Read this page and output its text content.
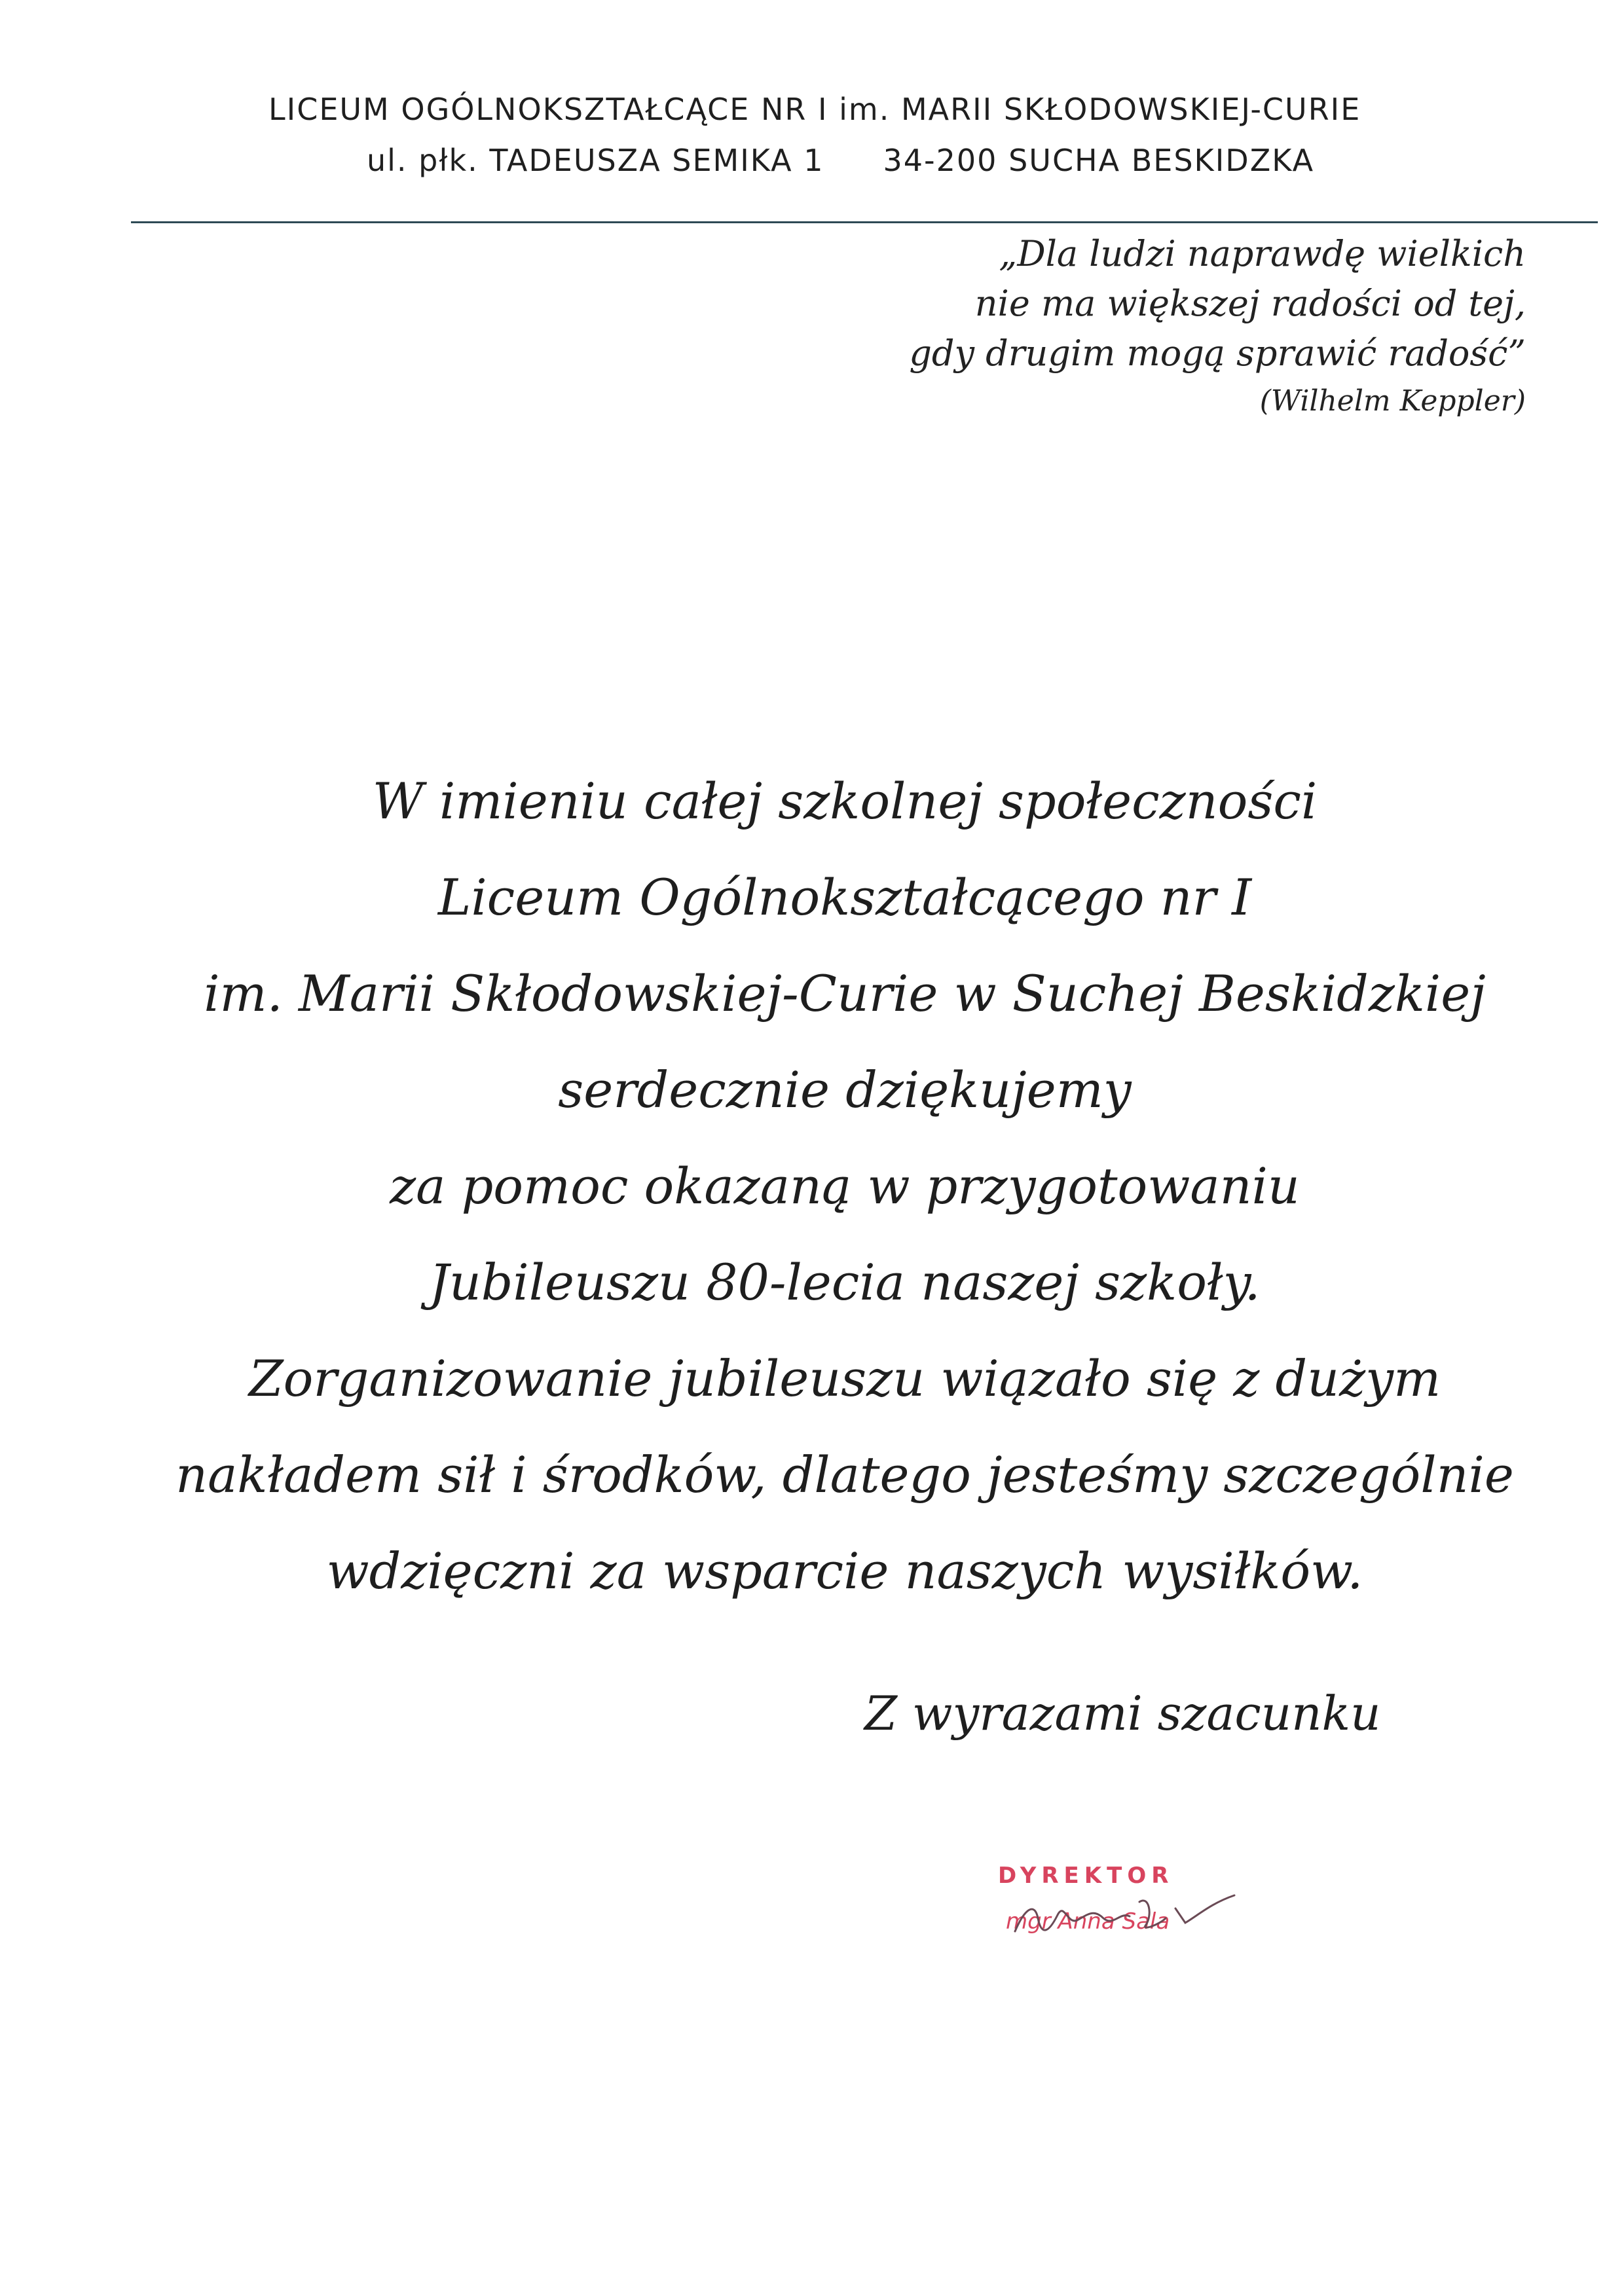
LICEUM OGÓLNOKSZTAŁCĄCE NR I im. MARII SKŁODOWSKIEJ-CURIE
ul. płk. TADEUSZA SEMIKA 1 34-200 SUCHA BESKIDZKA
„Dla ludzi naprawdę wielkich
nie ma większej radości od tej,
gdy drugim mogą sprawić radość”
(Wilhelm Keppler)
W imieniu całej szkolnej społeczności
Liceum Ogólnokształcącego nr I
im. Marii Skłodowskiej-Curie w Suchej Beskidzkiej
serdecznie dziękujemy
za pomoc okazaną w przygotowaniu
Jubileuszu 80-lecia naszej szkoły.
Zorganizowanie jubileuszu wiązało się z dużym
nakładem sił i środków, dlatego jesteśmy szczególnie
wdzięczni za wsparcie naszych wysiłków.
Z wyrazami szacunku
DYREKTOR
mgr Anna Sala
